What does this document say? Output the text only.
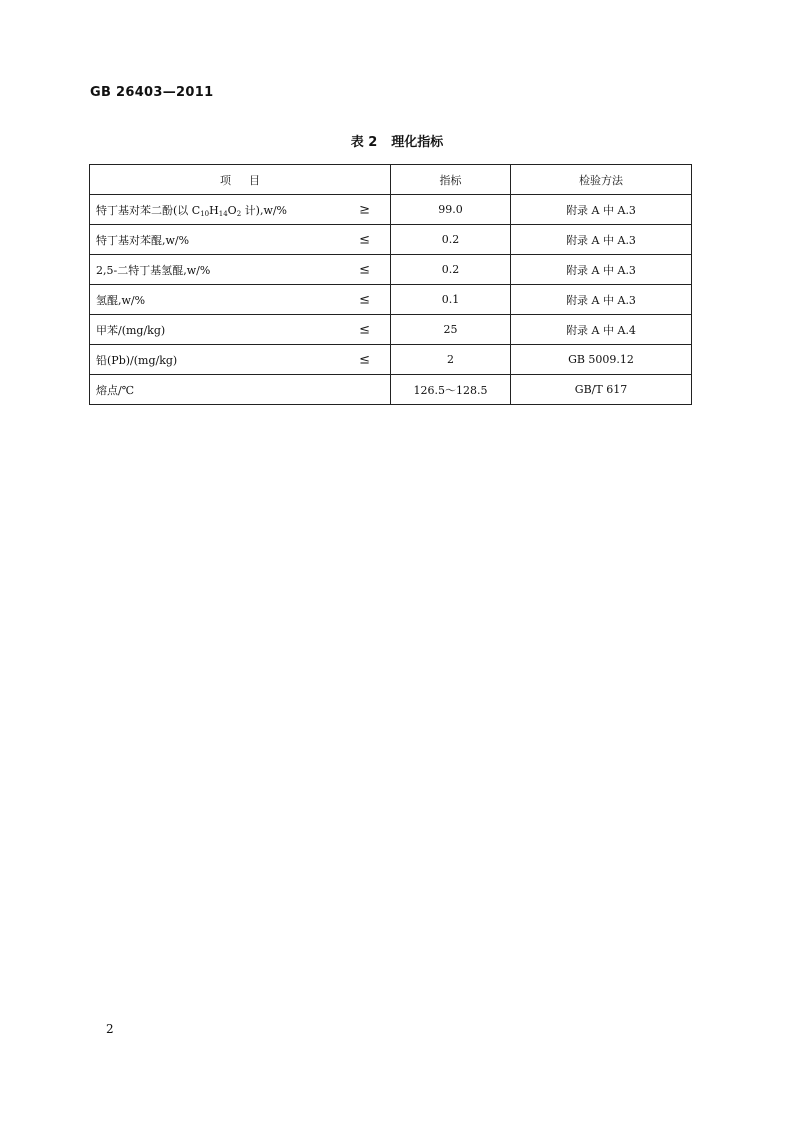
GB 26403—2011
表 2 理化指标
项目	指标	检验方法
特丁基对苯二酚(以 $C_{10}H_{14}O_2$ 计),w/% ≥	99.0	附录 A 中 A.3
特丁基对苯醌,w/% ≤	0.2	附录 A 中 A.3
2,5-二特丁基氢醌,w/% ≤	0.2	附录 A 中 A.3
氢醌,w/% ≤	0.1	附录 A 中 A.3
甲苯/(mg/kg) ≤	25	附录 A 中 A.4
铅(Pb)/(mg/kg) ≤	2	GB 5009.12
熔点/℃	126.5～128.5	GB/T 617
2
